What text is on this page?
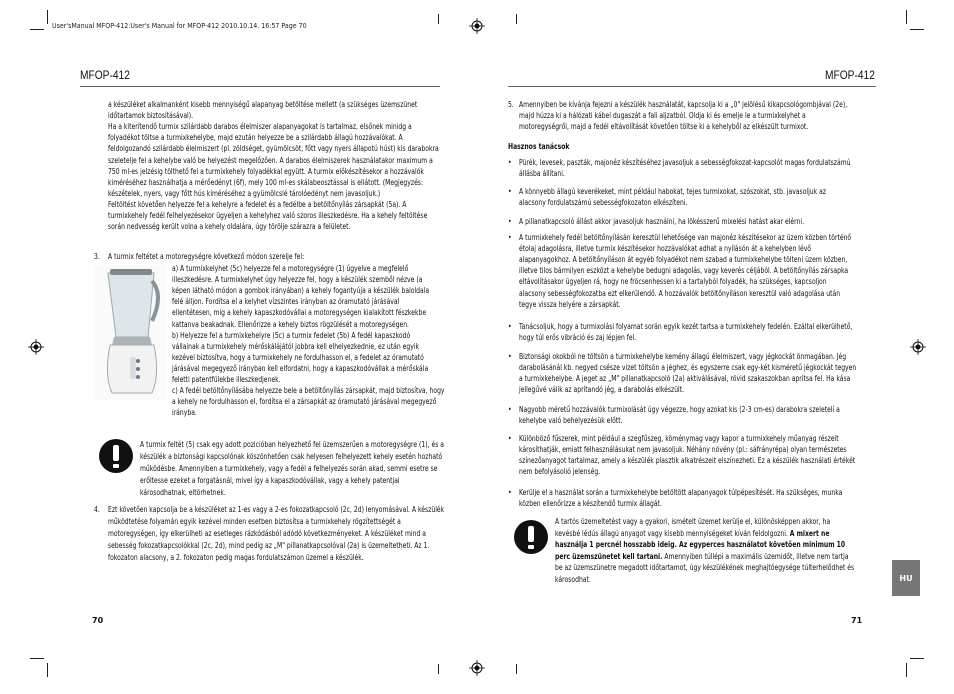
User'sManual MFOP-412:User's Manual for MFOP-412 2010.10.14. 16:57 Page 70
MFOP-412	MFOP-412
a készüléket alkalmanként kisebb mennyiségű alapanyag betöltése mellett (a szükséges üzemszünet
időtartamok biztosításával).
Ha a kiterítendő turmix szilárdabb darabos élelmiszer alapanyagokat is tartalmaz, elsőnek minidg a
folyadékot töltse a turmixkehelybe, majd ezután helyezze be a szilárdabb állagú hozzávalókat. A
feldolgozandó szilárdabb élelmiszert (pl. zöldséget, gyümölcsöt, főtt vagy nyers állapotú húst) kis darabokra
szeletelje fel a kehelybe való be helyezést megelőzően. A darabos élelmiszerek használatakor maximum a
750 ml-es jelzésig tölthető fel a turmixkehely folyadékkal együtt. A turmix előkészítésekor a hozzávalók
kiméréséhez használhatja a mérőedényt (6f), mely 100 ml-es skálabeosztással is ellátott. (Megjegyzés:
készételek, nyers, vagy főtt hús kiméréséhez a gyümölcslé tárolóedényt nem javasoljuk.)
Feltöltést követően helyezze fel a kehelyre a fedelet és a fedélbe a betöltőnyílás zársapkát (5a). A
turmixkehely fedél felhelyezésekor ügyeljen a kehelyhez való szoros illeszkedésre. Ha a kehely feltöltése
során nedvesség került volna a kehely oldalára, úgy törölje szárazra a felületet.
3. A turmix feltétet a motoregységre következő módon szerelje fel:
a) A turmixkelyhet (5c) helyezze fel a motoregységre (1) úgyelve a megfelelő
illeszkedésre. A turmixkelyhet úgy helyezze fel, hogy a készülék szemből nézve (a
képen látható módon a gombok irányában) a kehely fogantyúja a készülék baloldala
felé álljon. Fordítsa el a kelyhet vízszintes irányban az óramutató járásával
ellentétesen, mig a kehely kapaszkodóvállai a motoregységen kialakított fészkekbe
kattanva beakadnak. Ellenőrizze a kehely biztos rögzülését a motoregységen.
b) Helyezze fel a turmixkehelyre (5c) a turmix fedelet (5b) A fedél kapaszkodó
vállainak a turmixkehely mérőskálájától jobbra kell elhelyezkednie, ez után egyik
kezével biztosítva, hogy a turmixkehely ne fordulhasson el, a fedelet az óramutató
járásával megegyező irányban kell elfordatni, hogy a kapaszkodóvállak a mérőskála
feletti patentfülekbe illeszkedjenek.
c) A fedél betöltőnyílásába helyezze bele a betöltőnyílás zársapkát, majd biztosítva, hogy
a kehely ne fordulhasson el, fordítsa el a zársapkát az óramutató járásával megegyező
irányba.
A turmix feltét (5) csak egy adott pozicióban helyezhető fel üzemszerűen a motoregységre (1), és a
készülék a biztonsági kapcsolónak köszönhetően csak helyesen felhelyezett kehely esetén hozható
működésbe. Amennyiben a turmixkehely, vagy a fedél a felhelyezés során akad, semmi esetre se
erőltesse ezeket a forgatásnál, mivel így a kapaszkodóvállak, vagy a kehely patentjai
károsodhatnak, eltörhetnek.
4. Ezt követően kapcsolja be a készüléket az 1-es vagy a 2-es fokozatkapcsoló (2c, 2d) lenyomásával. A készülék
működtetése folyamán egyik kezével minden esetben biztosítsa a turmixkehely rögzítettségét a
motoregységen, így elkerülheti az esetleges rázkódásból adódó következményeket. A készüléket mind a
sebesség fokozatkapcsolókkal (2c, 2d), mind pedig az „M" pillanatkapcsolóval (2a) is üzemeltetheti. Az 1.
fokozaton alacsony, a 2. fokozaton pedig magas fordulatszámon üzemel a készülék.
70
5. Amennyiben be kívánja fejezni a készülék használatát, kapcsolja ki a „0" jelölésű kikapcsológombjával (2e),
majd húzza ki a hálózati kábel dugaszát a fali aljzatból. Oldja ki és emelje le a turmixkelyhet a
motoregységről, majd a fedél eltávolítását követően töltse ki a kehelyből az elkészült turmixot.
Hasznos tanácsok
• Pürék, levesek, paszták, majonéz készítéséhez javasoljuk a sebességfokozat-kapcsolót magas fordulatszámú
állásba állítani.
• A könnyebb állagú keverékeket, mint például habokat, tejes turmixokat, szószokat, stb. javasoljuk az
alacsony fordulatszámú sebességfokozaton elkészíteni.
• A pillanatkapcsoló állást akkor javasoljuk használni, ha lökésszerű mixelési hatást akar elérni.
• A turmixkehely fedél betöltőnyílásán keresztül lehetősége van majonéz készítésekor az üzem közben történő
étolaj adagolásra, illetve turmix készítésekor hozzávalókat adhat a nyílásón át a kehelyben lévő
alapanyagokhoz. A betöltőnyíláson át egyéb folyadékot nem szabad a turmixkehelybe tölteni üzem közben,
illetve tilos bármilyen eszközt a kehelybe bedugni adagolás, vagy keverés céljából. A betöltőnyílás zársapka
eltávolításakor ügyeljen rá, hogy ne fröcsenhessen ki a tartalyból folyadék, ha szükséges, kapcsoljon
alacsony sebességfokozatba ezt elkerülendő. A hozzávalók betöltőnyíláson keresztül való adagolása után
tegye vissza helyére a zársapkát.
• Tanácsoljuk, hogy a turmixolási folyamat során egyik kezét tartsa a turmixkehely fedelén. Ezáltal elkerülhető,
hogy túl erős vibráció és zaj lépjen fel.
• Biztonsági okokból ne töltsön a turmixkehelybe kemény állagú élelmiszert, vagy jégkockát önmagában. Jég
darabolásánál kb. negyed csésze vizet töltsön a jéghez, és egyszerre csak egy-két kisméretű jégkockát tegyen
a turmixkehelybe. A jeget az „M" pillanatkapcsoló (2a) aktiválásával, rövid szakaszokban aprítsa fel. Ha kása
jellegűvé válik az aprítandó jég, a darabolás elkészült.
• Nagyobb méretű hozzávalók turmixolását úgy végezze, hogy azokat kis (2-3 cm-es) darabokra szeletelí a
kehelybe való behelyezésük előtt.
• Különböző fűszerek, mint például a szegfűszeg, köménymag vagy kapor a turmixkehely műanyag részeit
károsíthatják, emiatt felhasználásukat nem javasoljuk. Néhány növény (pl.: sáfrányrépa) olyan természetes
színezőanyagot tartalmaz, amely a készülék plasztik alkatrészeit elszínezheti. Ez a készülék használati értékét
nem befolyásolió jelenség.
• Kerülje el a használat során a turmixkehelybe betöltött alapanyagok túlpépesítését. Ha szükséges, munka
közben ellenőrizze a készítendő turmix állagát.
A tartós üzemeltetést vagy a gyakori, ismételt üzemet kerülje el, különösképpen akkor, ha
kevésbé lédús állagú anyagot vagy kisebb mennyiségeket kíván feldolgozni. A mixert ne
használja 1 percnél hosszabb ideig. Az egyperces használatot követően minimum 10
perc üzemszünetet kell tartani. Amennyiben túllépi a maximális üzemidőt, illetve nem tartja
be az üzemszünetre megadott időtartamot, úgy készülékének meghajtóegysége túlterhelődhet és
károsodhat.	HU
71
